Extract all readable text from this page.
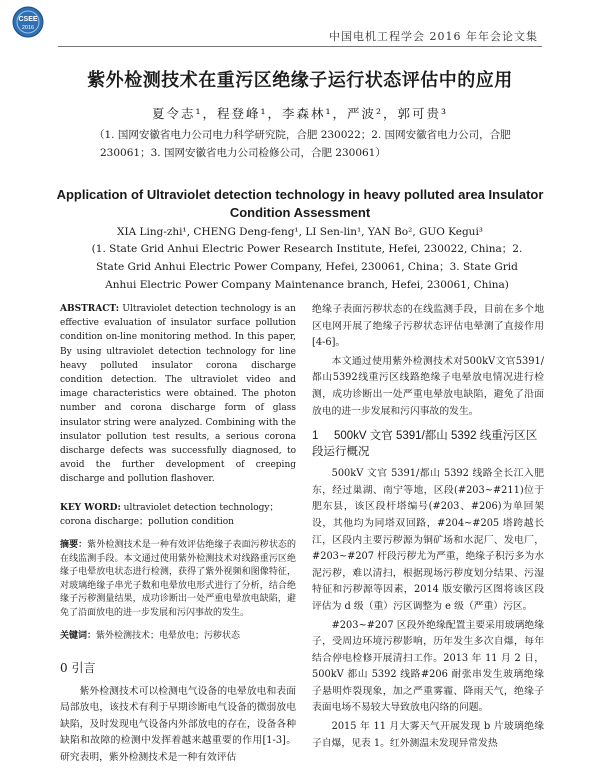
CSEE
2016
中国电机工程学会 2016 年年会论文集
紫外检测技术在重污区绝缘子运行状态评估中的应用
夏令志¹，程登峰¹，李森林¹，严波²，郭可贵³
（1. 国网安徽省电力公司电力科学研究院，合肥 230022；2. 国网安徽省电力公司，合肥 230061；3. 国网安徽省电力公司检修公司，合肥 230061）
Application of Ultraviolet detection technology in heavy polluted area Insulator Condition Assessment
XIA Ling-zhi¹, CHENG Deng-feng¹, LI Sen-lin¹, YAN Bo², GUO Kegui³
(1. State Grid Anhui Electric Power Research Institute, Hefei, 230022, China；2. State Grid Anhui Electric Power Company, Hefei, 230061, China；3. State Grid Anhui Electric Power Company Maintenance branch, Hefei, 230061, China)

ABSTRACT: Ultraviolet detection technology is an effective evaluation of insulator surface pollution condition on-line monitoring method. In this paper, By using ultraviolet detection technology for line heavy polluted insulator corona discharge condition detection. The ultraviolet video and image characteristics were obtained. The photon number and corona discharge form of glass insulator string were analyzed. Combining with the insulator pollution test results, a serious corona discharge defects was successfully diagnosed, to avoid the further development of creeping discharge and pollution flashover.

KEY WORD: ultraviolet detection technology；corona discharge；pollution condition

摘要：紫外检测技术是一种有效评估绝缘子表面污秽状态的在线监测手段。本文通过使用紫外检测技术对线路重污区绝缘子电晕放电状态进行检测，获得了紫外视频和图像特征，对玻璃绝缘子串光子数和电晕放电形式进行了分析，结合绝缘子污秽测量结果，成功诊断出一处严重电晕放电缺陷，避免了沿面放电的进一步发展和污闪事故的发生。

关键词：紫外检测技术；电晕放电；污秽状态

0 引言

紫外检测技术可以检测电气设备的电晕放电和表面局部放电，该技术有利于早期诊断电气设备的微弱放电缺陷，及时发现电气设备内外部放电的存在，设备各种缺陷和故障的检测中发挥着越来越重要的作用[1-3]。研究表明，紫外检测技术是一种有效评估

绝缘子表面污秽状态的在线监测手段，目前在多个地区电网开展了绝缘子污秽状态评估电晕测了直接作用[4-6]。

本文通过使用紫外检测技术对500kV文官5391/都山5392线重污区线路绝缘子电晕放电情况进行检测，成功诊断出一处严重电晕放电缺陷，避免了沿面放电的进一步发展和污闪事故的发生。

1 500kV 文官 5391/都山 5392 线重污区区段运行概况

500kV 文官 5391/都山 5392 线路全长江入肥东，经过巢湖、南宁等地，区段(#203~#211)位于肥东县，该区段杆塔编号(#203、#206)为单回架设，其他均为同塔双回路，#204~#205 塔跨越长江，区段内主要污秽源为铜矿场和水泥厂、发电厂，#203~#207 杆段污秽尤为严重，绝缘子积污多为水泥污秽，难以清扫，根据现场污秽度划分结果、污湿特征和污秽源等因素，2014 版安徽污区图将该区段评估为 d 级（重）污区调整为 e 级（严重）污区。

#203~#207 区段外绝缘配置主要采用玻璃绝缘子，受周边环境污秽影响，历年发生多次自爆，每年结合停电检修开展清扫工作。2013 年 11 月 2 日，500kV 都山 5392 线路#206 耐张串发生玻璃绝缘子悬明炸裂现象，加之严重雾霾、降雨天气，绝缘子表面电场不易较大导致放电闪络的问题。

2015 年 11 月大雾天气开展发现 b 片玻璃绝缘子自爆，见表 1。红外测温未发现异常发热
